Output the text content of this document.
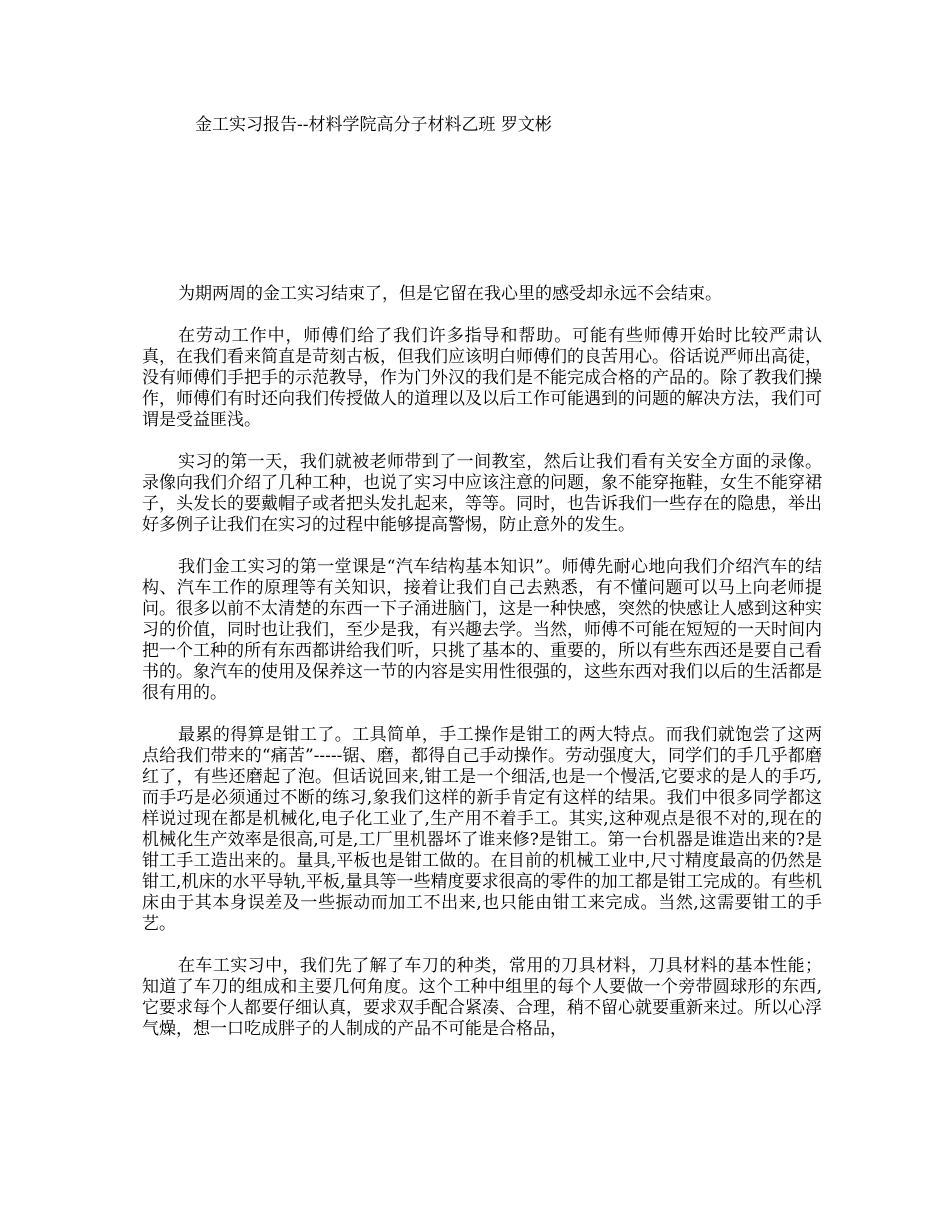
金工实习报告--材料学院高分子材料乙班 罗文彬

为期两周的金工实习结束了，但是它留在我心里的感受却永远不会结束。

在劳动工作中，师傅们给了我们许多指导和帮助。可能有些师傅开始时比较严肃认真，在我们看来简直是苛刻古板，但我们应该明白师傅们的良苦用心。俗话说严师出高徒，没有师傅们手把手的示范教导，作为门外汉的我们是不能完成合格的产品的。除了教我们操作，师傅们有时还向我们传授做人的道理以及以后工作可能遇到的问题的解决方法，我们可谓是受益匪浅。

实习的第一天，我们就被老师带到了一间教室，然后让我们看有关安全方面的录像。录像向我们介绍了几种工种，也说了实习中应该注意的问题，象不能穿拖鞋，女生不能穿裙子，头发长的要戴帽子或者把头发扎起来，等等。同时，也告诉我们一些存在的隐患，举出好多例子让我们在实习的过程中能够提高警惕，防止意外的发生。

我们金工实习的第一堂课是“汽车结构基本知识”。师傅先耐心地向我们介绍汽车的结构、汽车工作的原理等有关知识，接着让我们自己去熟悉，有不懂问题可以马上向老师提问。很多以前不太清楚的东西一下子涌进脑门，这是一种快感，突然的快感让人感到这种实习的价值，同时也让我们，至少是我，有兴趣去学。当然，师傅不可能在短短的一天时间内把一个工种的所有东西都讲给我们听，只挑了基本的、重要的，所以有些东西还是要自己看书的。象汽车的使用及保养这一节的内容是实用性很强的，这些东西对我们以后的生活都是很有用的。

最累的得算是钳工了。工具简单，手工操作是钳工的两大特点。而我们就饱尝了这两点给我们带来的“痛苦”-----锯、磨，都得自己手动操作。劳动强度大，同学们的手几乎都磨红了，有些还磨起了泡。但话说回来,钳工是一个细活,也是一个慢活,它要求的是人的手巧,而手巧是必须通过不断的练习,象我们这样的新手肯定有这样的结果。我们中很多同学都这样说过现在都是机械化,电子化工业了,生产用不着手工。其实,这种观点是很不对的,现在的机械化生产效率是很高,可是,工厂里机器坏了谁来修?是钳工。第一台机器是谁造出来的?是钳工手工造出来的。量具,平板也是钳工做的。在目前的机械工业中,尺寸精度最高的仍然是钳工,机床的水平导轨,平板,量具等一些精度要求很高的零件的加工都是钳工完成的。有些机床由于其本身误差及一些振动而加工不出来,也只能由钳工来完成。当然,这需要钳工的手艺。

在车工实习中，我们先了解了车刀的种类，常用的刀具材料，刀具材料的基本性能；知道了车刀的组成和主要几何角度。这个工种中组里的每个人要做一个旁带圆球形的东西,它要求每个人都要仔细认真，要求双手配合紧凑、合理，稍不留心就要重新来过。所以心浮气燥，想一口吃成胖子的人制成的产品不可能是合格品，
